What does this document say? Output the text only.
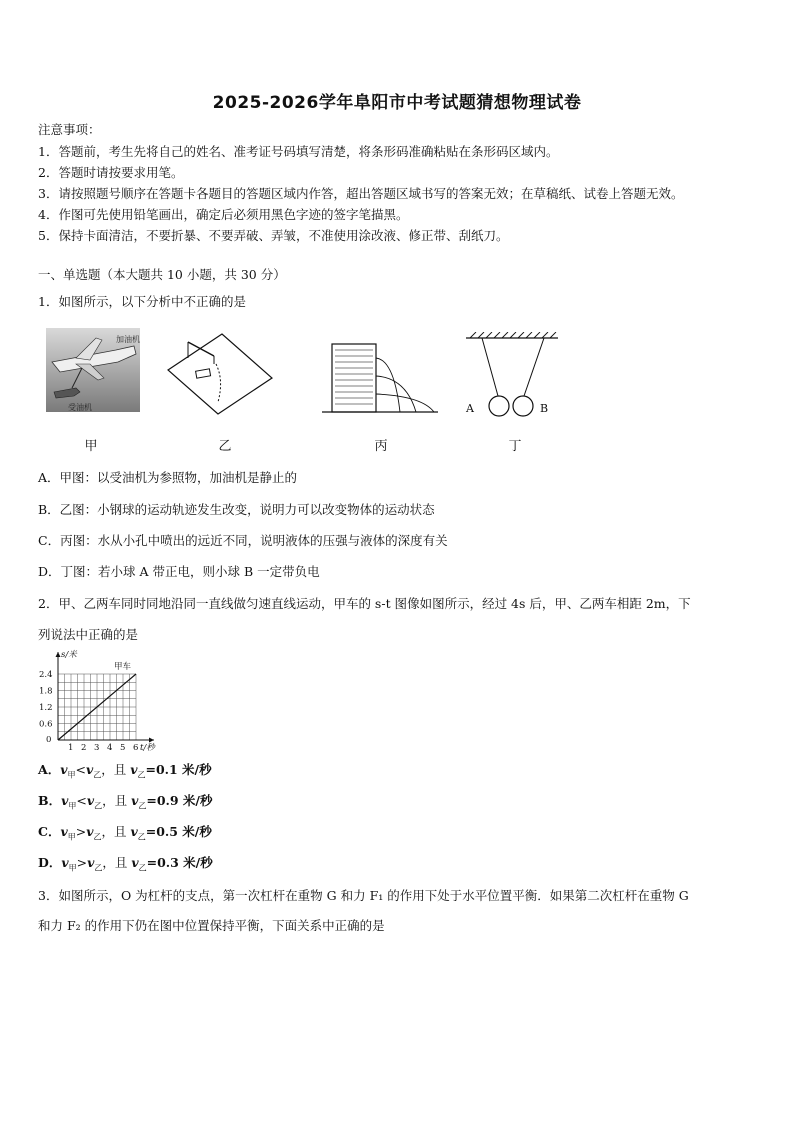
2025-2026学年阜阳市中考试题猜想物理试卷
注意事项：
1．答题前，考生先将自己的姓名、准考证号码填写清楚，将条形码准确粘贴在条形码区域内。
2．答题时请按要求用笔。
3．请按照题号顺序在答题卡各题目的答题区域内作答，超出答题区域书写的答案无效；在草稿纸、试卷上答题无效。
4．作图可先使用铅笔画出，确定后必须用黑色字迹的签字笔描黑。
5．保持卡面清洁，不要折暴、不要弄破、弄皱，不准使用涂改液、修正带、刮纸刀。
一、单选题（本大题共 10 小题，共 30 分）
1．如图所示，以下分析中不正确的是
加油机
受油机	A	B
甲	乙	丙	丁
A．甲图：以受油机为参照物，加油机是静止的
B．乙图：小钢球的运动轨迹发生改变，说明力可以改变物体的运动状态
C．丙图：水从小孔中喷出的远近不同，说明液体的压强与液体的深度有关
D．丁图：若小球 A 带正电，则小球 B 一定带负电
2．甲、乙两车同时同地沿同一直线做匀速直线运动，甲车的 s-t 图像如图所示，经过 4s 后，甲、乙两车相距 2m，下
列说法中正确的是
甲车
0
1 2 3 4 5 6
0.6
1.2
1.8
2.4
t/秒
s/米
A．$v_甲<v_乙$，且 $v_乙=0.1$ 米/秒
B．$v_甲<v_乙$，且 $v_乙=0.9$ 米/秒
C．$v_甲>v_乙$，且 $v_乙=0.5$ 米/秒
D．$v_甲>v_乙$，且 $v_乙=0.3$ 米/秒
3．如图所示，O 为杠杆的支点，第一次杠杆在重物 G 和力 F₁ 的作用下处于水平位置平衡．如果第二次杠杆在重物 G
和力 F₂ 的作用下仍在图中位置保持平衡，下面关系中正确的是
